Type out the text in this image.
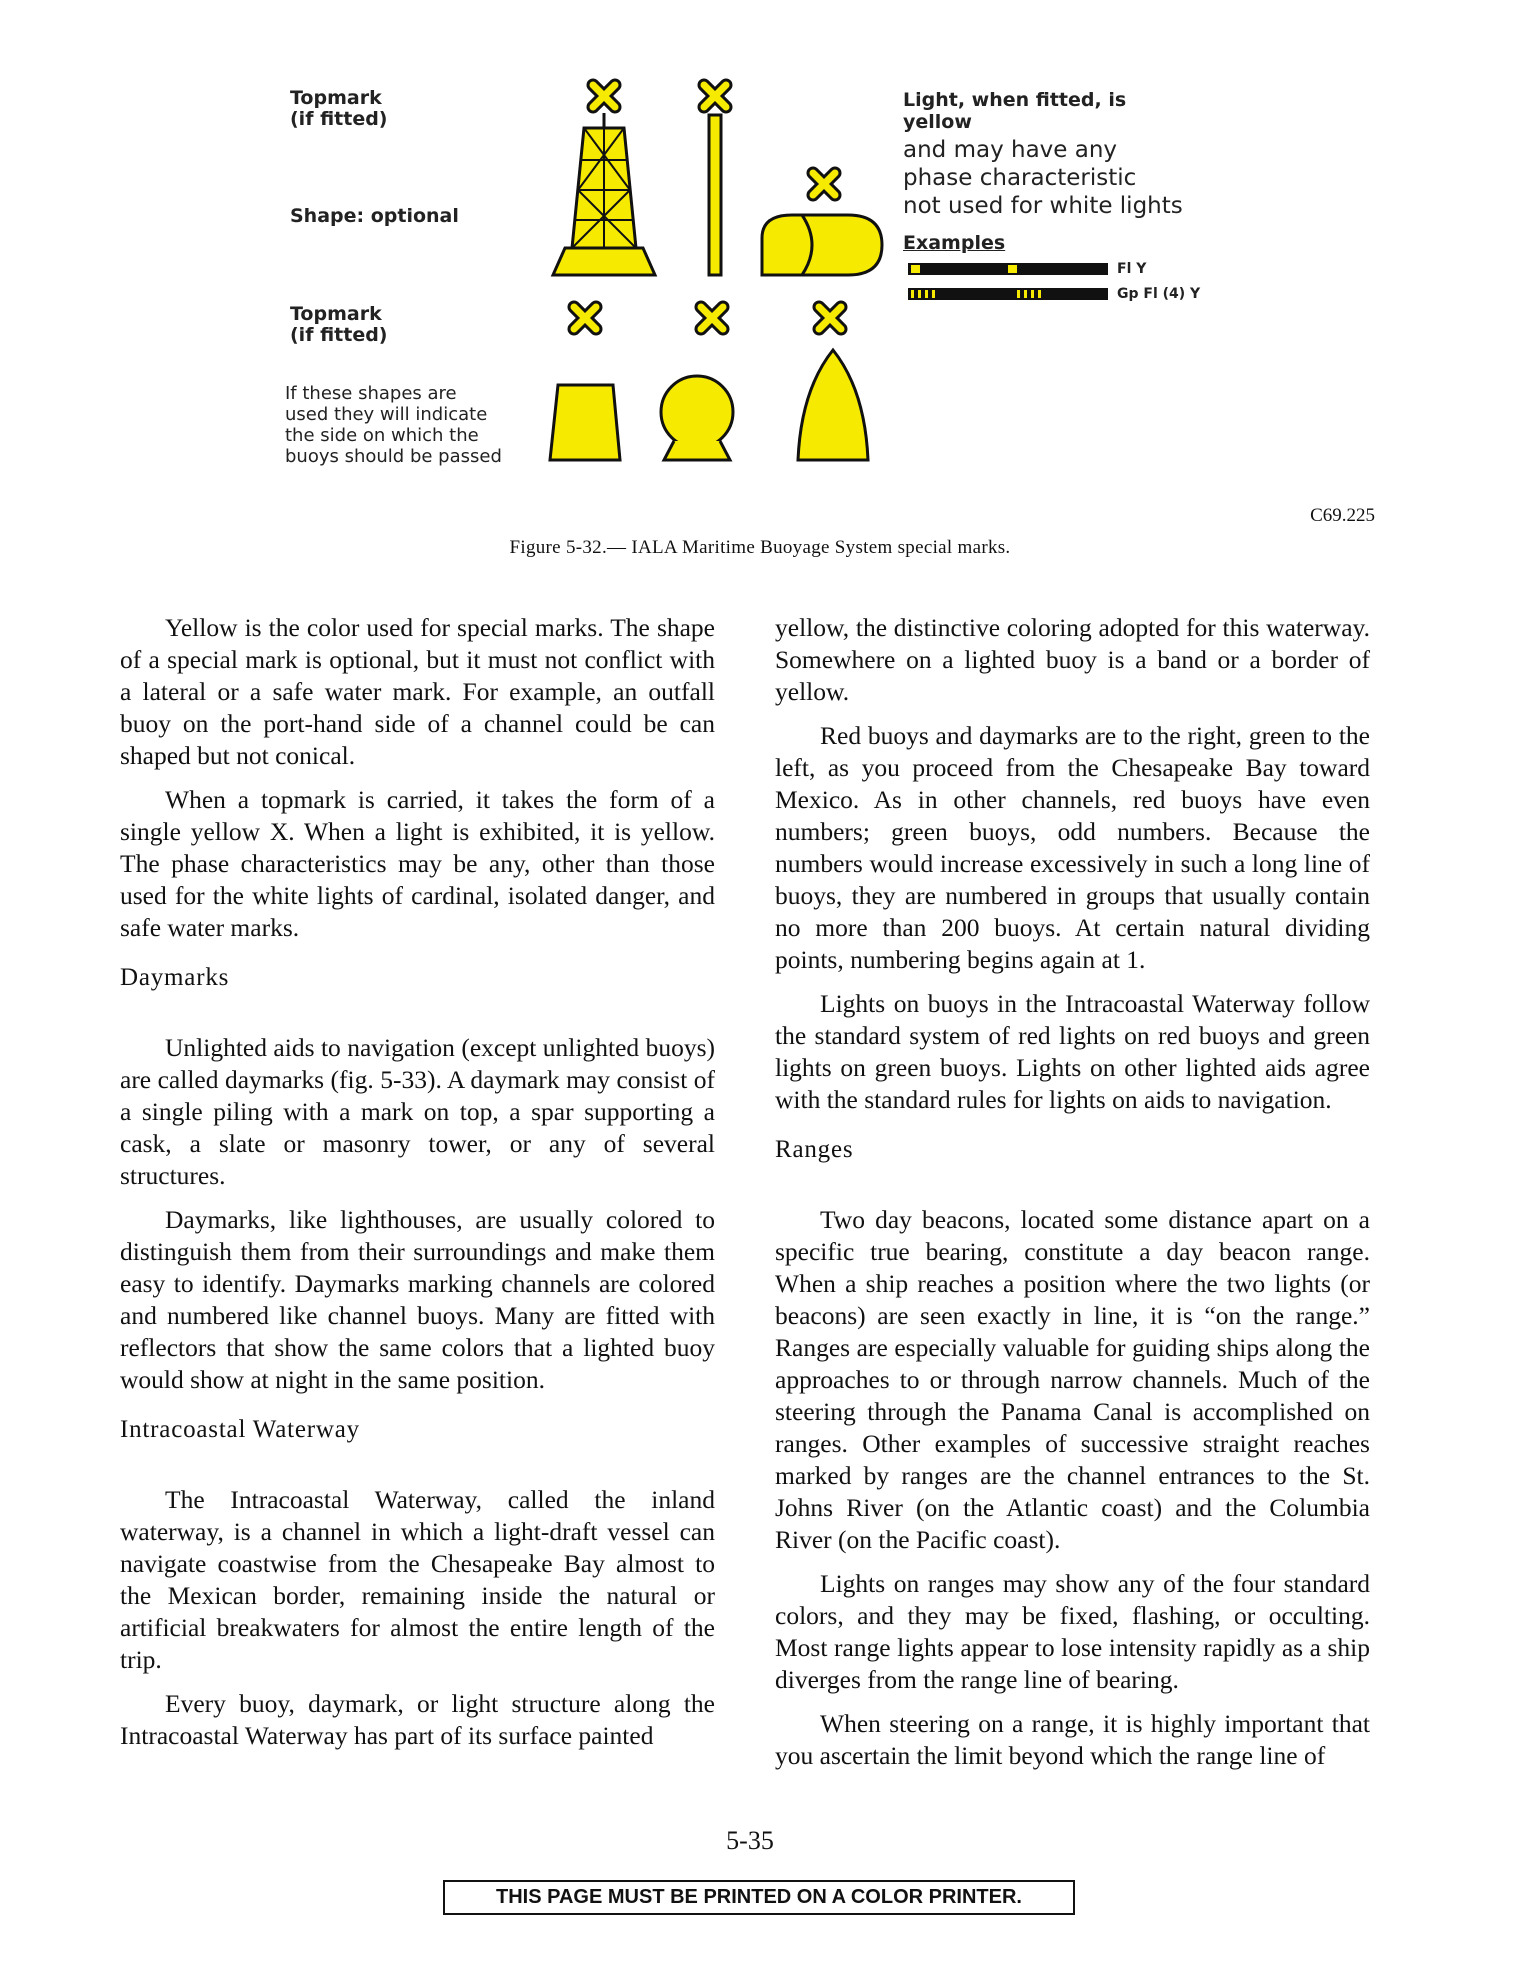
Topmark
(if fitted)
Shape: optional
Topmark
(if fitted)
If these shapes are
used they will indicate
the side on which the
buoys should be passed
Light, when fitted, is
yellow
and may have any
phase characteristic
not used for white lights
Examples
Fl Y
Gp Fl (4) Y
C69.225
Figure 5-32.— IALA Maritime Buoyage System special marks.

Yellow is the color used for special marks. The shape of a special mark is optional, but it must not conflict with a lateral or a safe water mark. For example, an outfall buoy on the port-hand side of a channel could be can shaped but not conical.

When a topmark is carried, it takes the form of a single yellow X. When a light is exhibited, it is yellow. The phase characteristics may be any, other than those used for the white lights of cardinal, isolated danger, and safe water marks.

Daymarks

Unlighted aids to navigation (except unlighted buoys) are called daymarks (fig. 5-33). A daymark may consist of a single piling with a mark on top, a spar supporting a cask, a slate or masonry tower, or any of several structures.

Daymarks, like lighthouses, are usually colored to distinguish them from their surroundings and make them easy to identify. Daymarks marking channels are colored and numbered like channel buoys. Many are fitted with reflectors that show the same colors that a lighted buoy would show at night in the same position.

Intracoastal Waterway

The Intracoastal Waterway, called the inland waterway, is a channel in which a light-draft vessel can navigate coastwise from the Chesapeake Bay almost to the Mexican border, remaining inside the natural or artificial breakwaters for almost the entire length of the trip.

Every buoy, daymark, or light structure along the Intracoastal Waterway has part of its surface painted

yellow, the distinctive coloring adopted for this waterway. Somewhere on a lighted buoy is a band or a border of yellow.

Red buoys and daymarks are to the right, green to the left, as you proceed from the Chesapeake Bay toward Mexico. As in other channels, red buoys have even numbers; green buoys, odd numbers. Because the numbers would increase excessively in such a long line of buoys, they are numbered in groups that usually contain no more than 200 buoys. At certain natural dividing points, numbering begins again at 1.

Lights on buoys in the Intracoastal Waterway follow the standard system of red lights on red buoys and green lights on green buoys. Lights on other lighted aids agree with the standard rules for lights on aids to navigation.

Ranges

Two day beacons, located some distance apart on a specific true bearing, constitute a day beacon range. When a ship reaches a position where the two lights (or beacons) are seen exactly in line, it is “on the range.” Ranges are especially valuable for guiding ships along the approaches to or through narrow channels. Much of the steering through the Panama Canal is accomplished on ranges. Other examples of successive straight reaches marked by ranges are the channel entrances to the St. Johns River (on the Atlantic coast) and the Columbia River (on the Pacific coast).

Lights on ranges may show any of the four standard colors, and they may be fixed, flashing, or occulting. Most range lights appear to lose intensity rapidly as a ship diverges from the range line of bearing.

When steering on a range, it is highly important that you ascertain the limit beyond which the range line of

5-35
THIS PAGE MUST BE PRINTED ON A COLOR PRINTER.
